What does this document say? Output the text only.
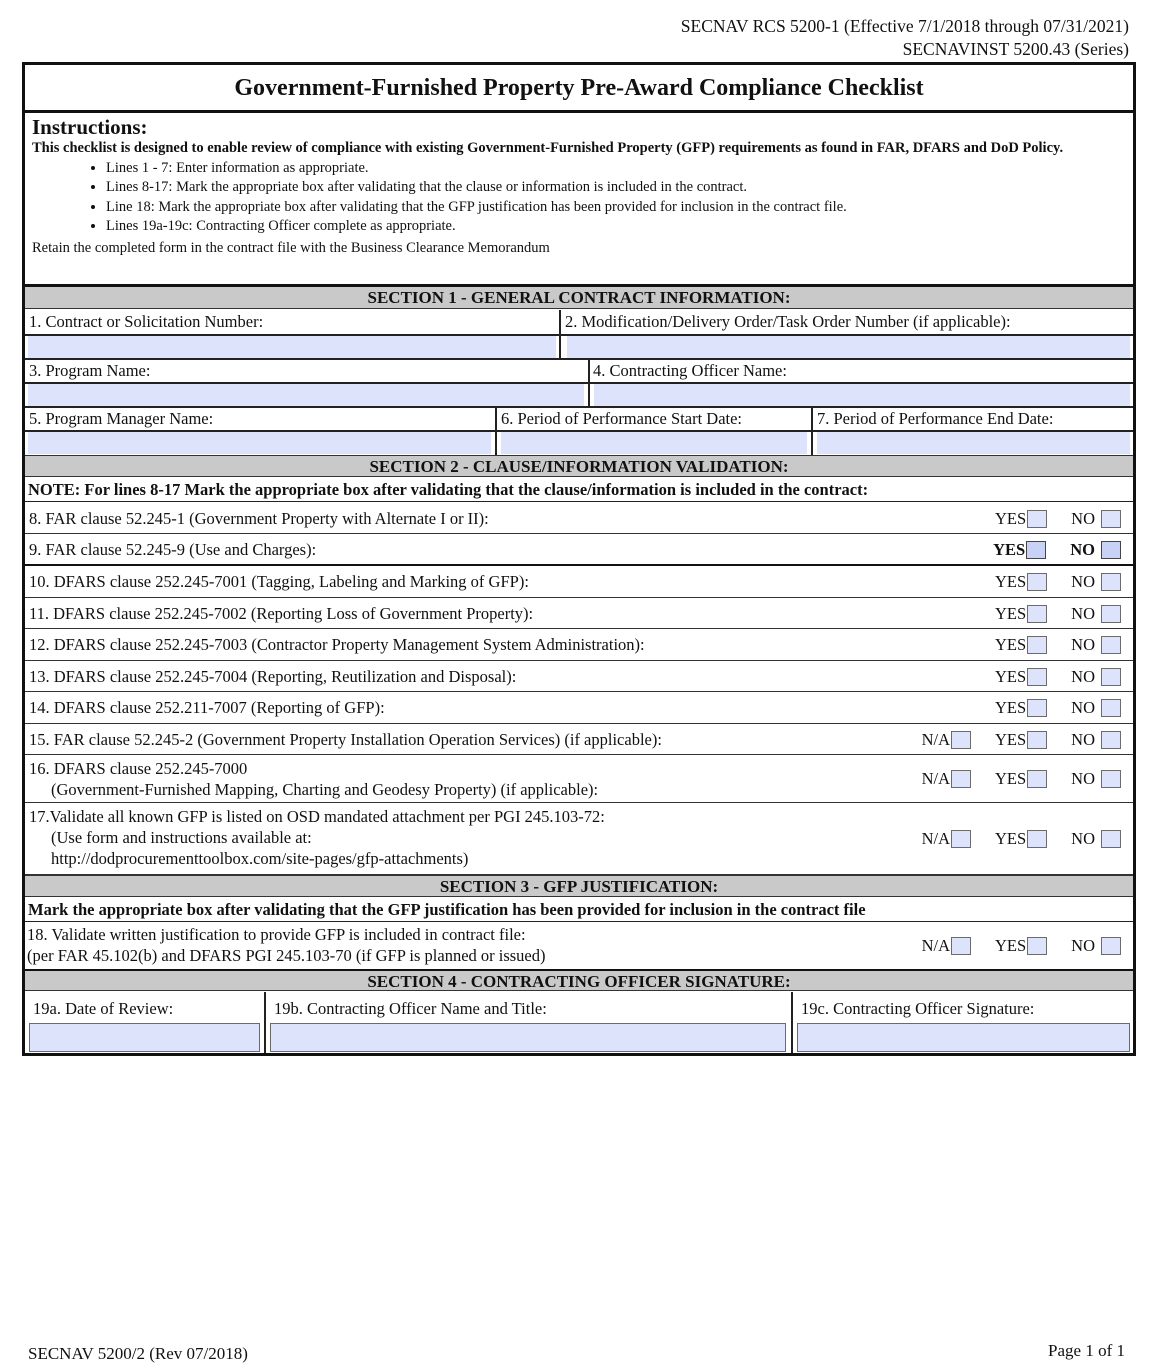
SECNAV RCS 5200-1 (Effective 7/1/2018 through 07/31/2021)
SECNAVINST 5200.43 (Series)
Government-Furnished Property Pre-Award Compliance Checklist
Instructions:
This checklist is designed to enable review of compliance with existing Government-Furnished Property (GFP) requirements as found in FAR, DFARS and DoD Policy.
• Lines 1 - 7: Enter information as appropriate.
• Lines 8-17: Mark the appropriate box after validating that the clause or information is included in the contract.
• Line 18: Mark the appropriate box after validating that the GFP justification has been provided for inclusion in the contract file.
• Lines 19a-19c: Contracting Officer complete as appropriate.
Retain the completed form in the contract file with the Business Clearance Memorandum
SECTION 1 - GENERAL CONTRACT INFORMATION:
1. Contract or Solicitation Number:	2. Modification/Delivery Order/Task Order Number (if applicable):
3. Program Name:	4. Contracting Officer Name:
5. Program Manager Name:	6. Period of Performance Start Date:	7. Period of Performance End Date:
SECTION 2 - CLAUSE/INFORMATION VALIDATION:
NOTE: For lines 8-17 Mark the appropriate box after validating that the clause/information is included in the contract:
8. FAR clause 52.245-1 (Government Property with Alternate I or II):	YES	NO
9. FAR clause 52.245-9 (Use and Charges):	YES	NO
10. DFARS clause 252.245-7001 (Tagging, Labeling and Marking of GFP):	YES	NO
11. DFARS clause 252.245-7002 (Reporting Loss of Government Property):	YES	NO
12. DFARS clause 252.245-7003 (Contractor Property Management System Administration):	YES	NO
13. DFARS clause 252.245-7004 (Reporting, Reutilization and Disposal):	YES	NO
14. DFARS clause 252.211-7007 (Reporting of GFP):	YES	NO
15. FAR clause 52.245-2 (Government Property Installation Operation Services) (if applicable):	N/A	YES	NO
16. DFARS clause 252.245-7000
(Government-Furnished Mapping, Charting and Geodesy Property) (if applicable):
N/A	YES	NO
17.Validate all known GFP is listed on OSD mandated attachment per PGI 245.103-72:
(Use form and instructions available at:
http://dodprocurementtoolbox.com/site-pages/gfp-attachments)
N/A	YES	NO
SECTION 3 - GFP JUSTIFICATION:
Mark the appropriate box after validating that the GFP justification has been provided for inclusion in the contract file
18. Validate written justification to provide GFP is included in contract file:
(per FAR 45.102(b) and DFARS PGI 245.103-70 (if GFP is planned or issued)
N/A	YES	NO
SECTION 4 - CONTRACTING OFFICER SIGNATURE:
19a. Date of Review:	19b. Contracting Officer Name and Title:	19c. Contracting Officer Signature:
SECNAV 5200/2 (Rev 07/2018)	Page 1 of 1
